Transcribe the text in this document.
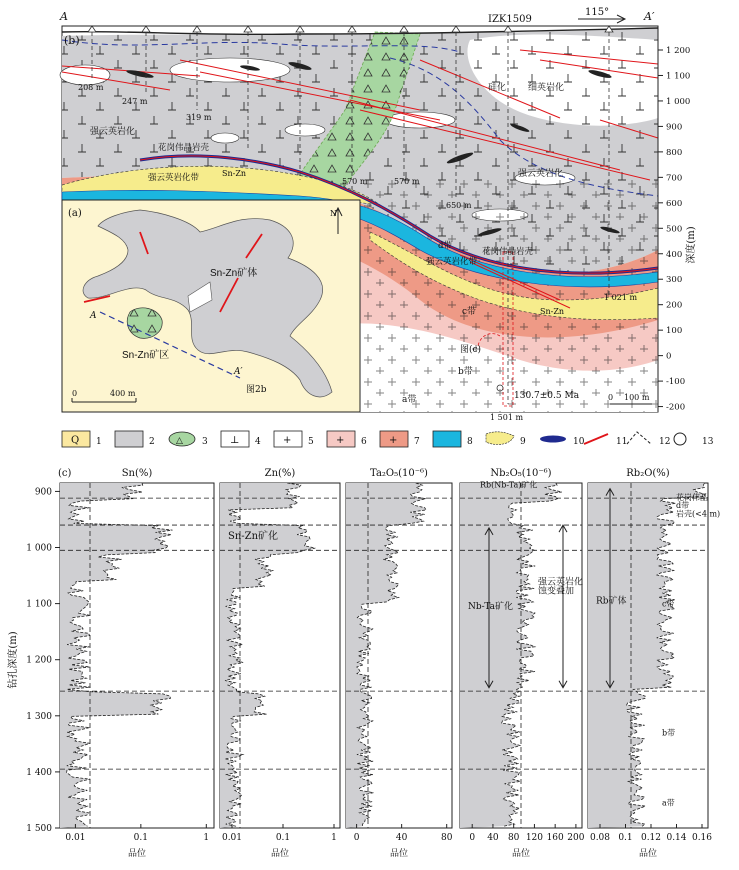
A	A′
(b)
IZK1509
115°
208 m
247 m
319 m
570 m	570 m
650 m
1 501 m
1 021 m
强云英岩化
硅化 细英岩化
强云英岩化
花岗伟晶岩壳
强云英岩化带	Sn-Zn
Sn-Zn
d带
花岗伟晶岩壳
强云英岩化带
c带
b带
a带
图(c)
130.7±0.5 Ma	0 100 m
1 200
1 100
1 000
900
800
700
600
500
400
300
200
100
0
-100
-200
深度(m)
(a)	N
Sn-Zn矿体
Sn-Zn矿区
A
A′
图2b
0	400 m
Q 1	2 △ 3 ⊥ 4 + 5 + 6 + 7	8	9	10	11	12	13
(c)
钻孔深度(m)
900
1 000
1 100
1 200
1 300
1 400
1 500
Sn(%)
0.01	0.1	1
品位
Zn(%)
0.01	0.1	1
品位
Ta₂O₅(10⁻⁶)
0	40	80
品位
Nb₂O₅(10⁻⁶)
0 40 80 120 160 200
品位
Rb₂O(%)
0.08 0.1 0.12 0.14 0.16
品位
Sn-Zn矿化
Rb(Nb-Ta)矿化
Nb-Ta矿化
强云英岩化
蚀变叠加
Rb矿体
d带
花岗伟晶
岩壳(<4 m)
c带
b带
a带
